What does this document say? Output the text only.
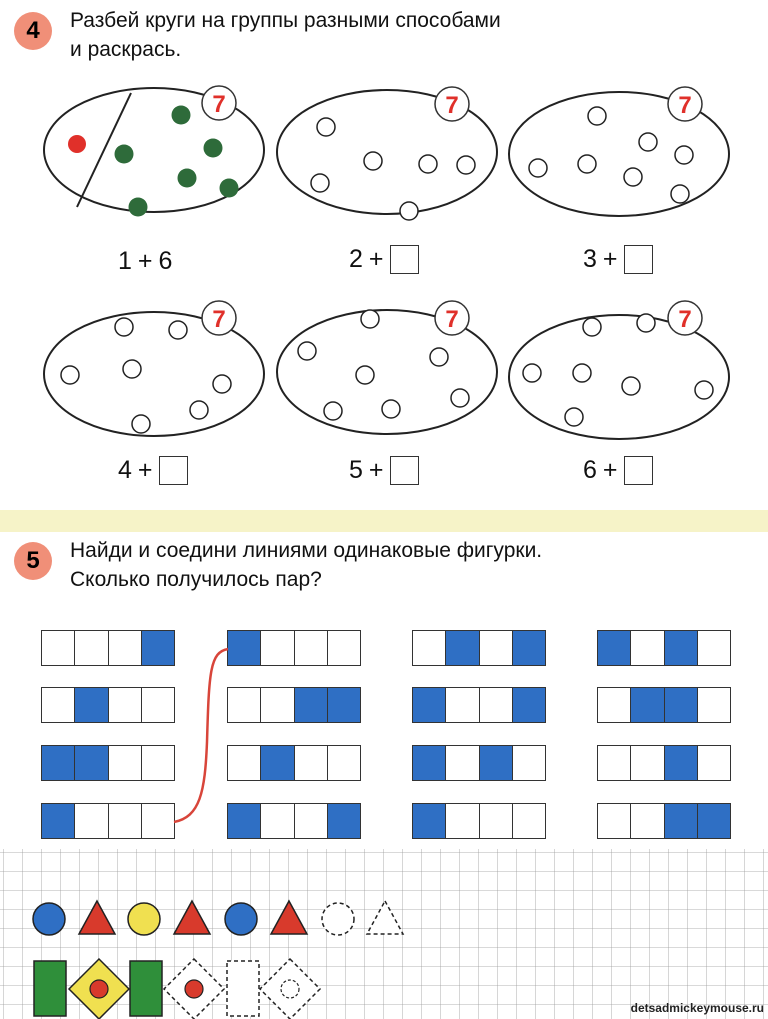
4	Разбей круги на группы разными способами
и раскрась.
7	7	7
7	7	7
1 + 6	2 +	3 +
4 +	5 +	6 +
5	Найди и соедини линиями одинаковые фигурки.
Сколько получилось пар?
detsadmickeymouse.ru
